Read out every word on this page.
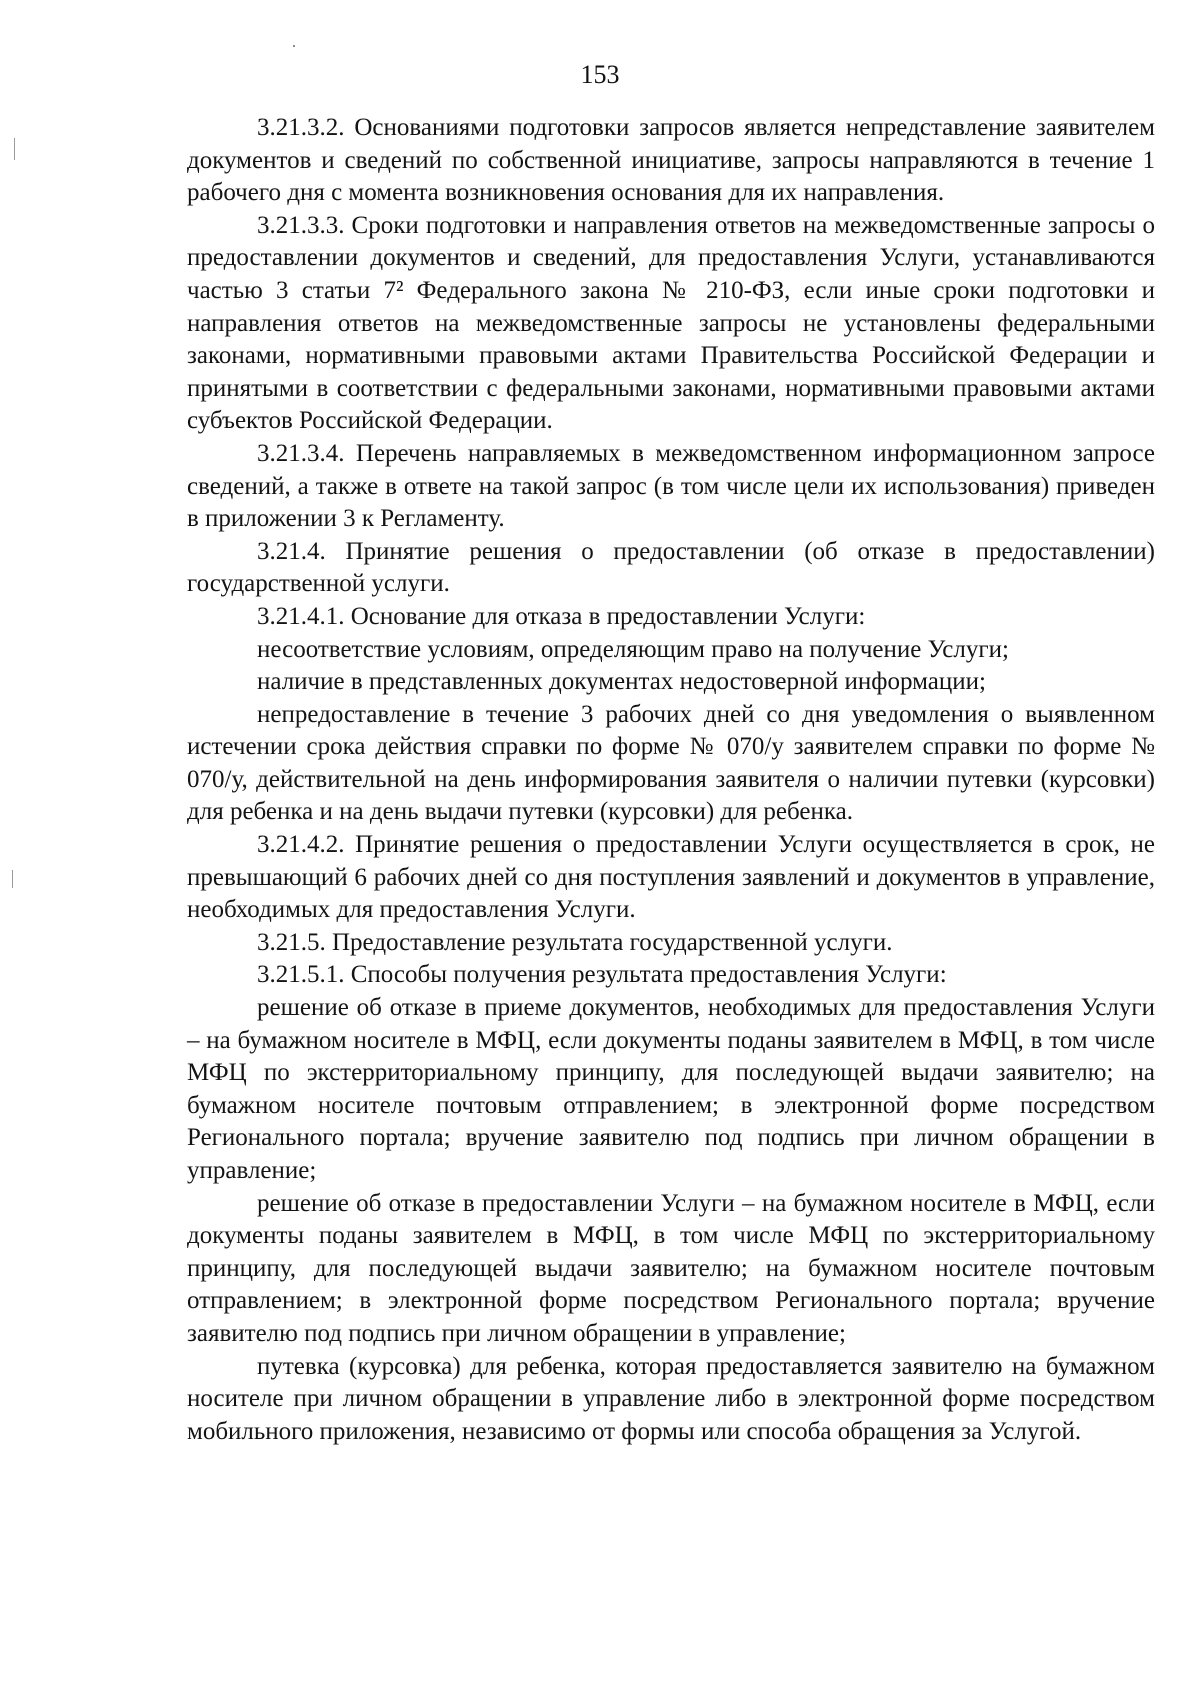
153

3.21.3.2. Основаниями подготовки запросов является непредставление заявителем документов и сведений по собственной инициативе, запросы направляются в течение 1 рабочего дня с момента возникновения основания для их направления.

3.21.3.3. Сроки подготовки и направления ответов на межведомственные запросы о предоставлении документов и сведений, для предоставления Услуги, устанавливаются частью 3 статьи 7² Федерального закона № 210-ФЗ, если иные сроки подготовки и направления ответов на межведомственные запросы не установлены федеральными законами, нормативными правовыми актами Правительства Российской Федерации и принятыми в соответствии с федеральными законами, нормативными правовыми актами субъектов Российской Федерации.

3.21.3.4. Перечень направляемых в межведомственном информационном запросе сведений, а также в ответе на такой запрос (в том числе цели их использования) приведен в приложении 3 к Регламенту.

3.21.4. Принятие решения о предоставлении (об отказе в предоставлении) государственной услуги.

3.21.4.1. Основание для отказа в предоставлении Услуги:

несоответствие условиям, определяющим право на получение Услуги;

наличие в представленных документах недостоверной информации;

непредоставление в течение 3 рабочих дней со дня уведомления о выявленном истечении срока действия справки по форме № 070/у заявителем справки по форме № 070/у, действительной на день информирования заявителя о наличии путевки (курсовки) для ребенка и на день выдачи путевки (курсовки) для ребенка.

3.21.4.2. Принятие решения о предоставлении Услуги осуществляется в срок, не превышающий 6 рабочих дней со дня поступления заявлений и документов в управление, необходимых для предоставления Услуги.

3.21.5. Предоставление результата государственной услуги.

3.21.5.1. Способы получения результата предоставления Услуги:

решение об отказе в приеме документов, необходимых для предоставления Услуги – на бумажном носителе в МФЦ, если документы поданы заявителем в МФЦ, в том числе МФЦ по экстерриториальному принципу, для последующей выдачи заявителю; на бумажном носителе почтовым отправлением; в электронной форме посредством Регионального портала; вручение заявителю под подпись при личном обращении в управление;

решение об отказе в предоставлении Услуги – на бумажном носителе в МФЦ, если документы поданы заявителем в МФЦ, в том числе МФЦ по экстерриториальному принципу, для последующей выдачи заявителю; на бумажном носителе почтовым отправлением; в электронной форме посредством Регионального портала; вручение заявителю под подпись при личном обращении в управление;

путевка (курсовка) для ребенка, которая предоставляется заявителю на бумажном носителе при личном обращении в управление либо в электронной форме посредством мобильного приложения, независимо от формы или способа обращения за Услугой.
